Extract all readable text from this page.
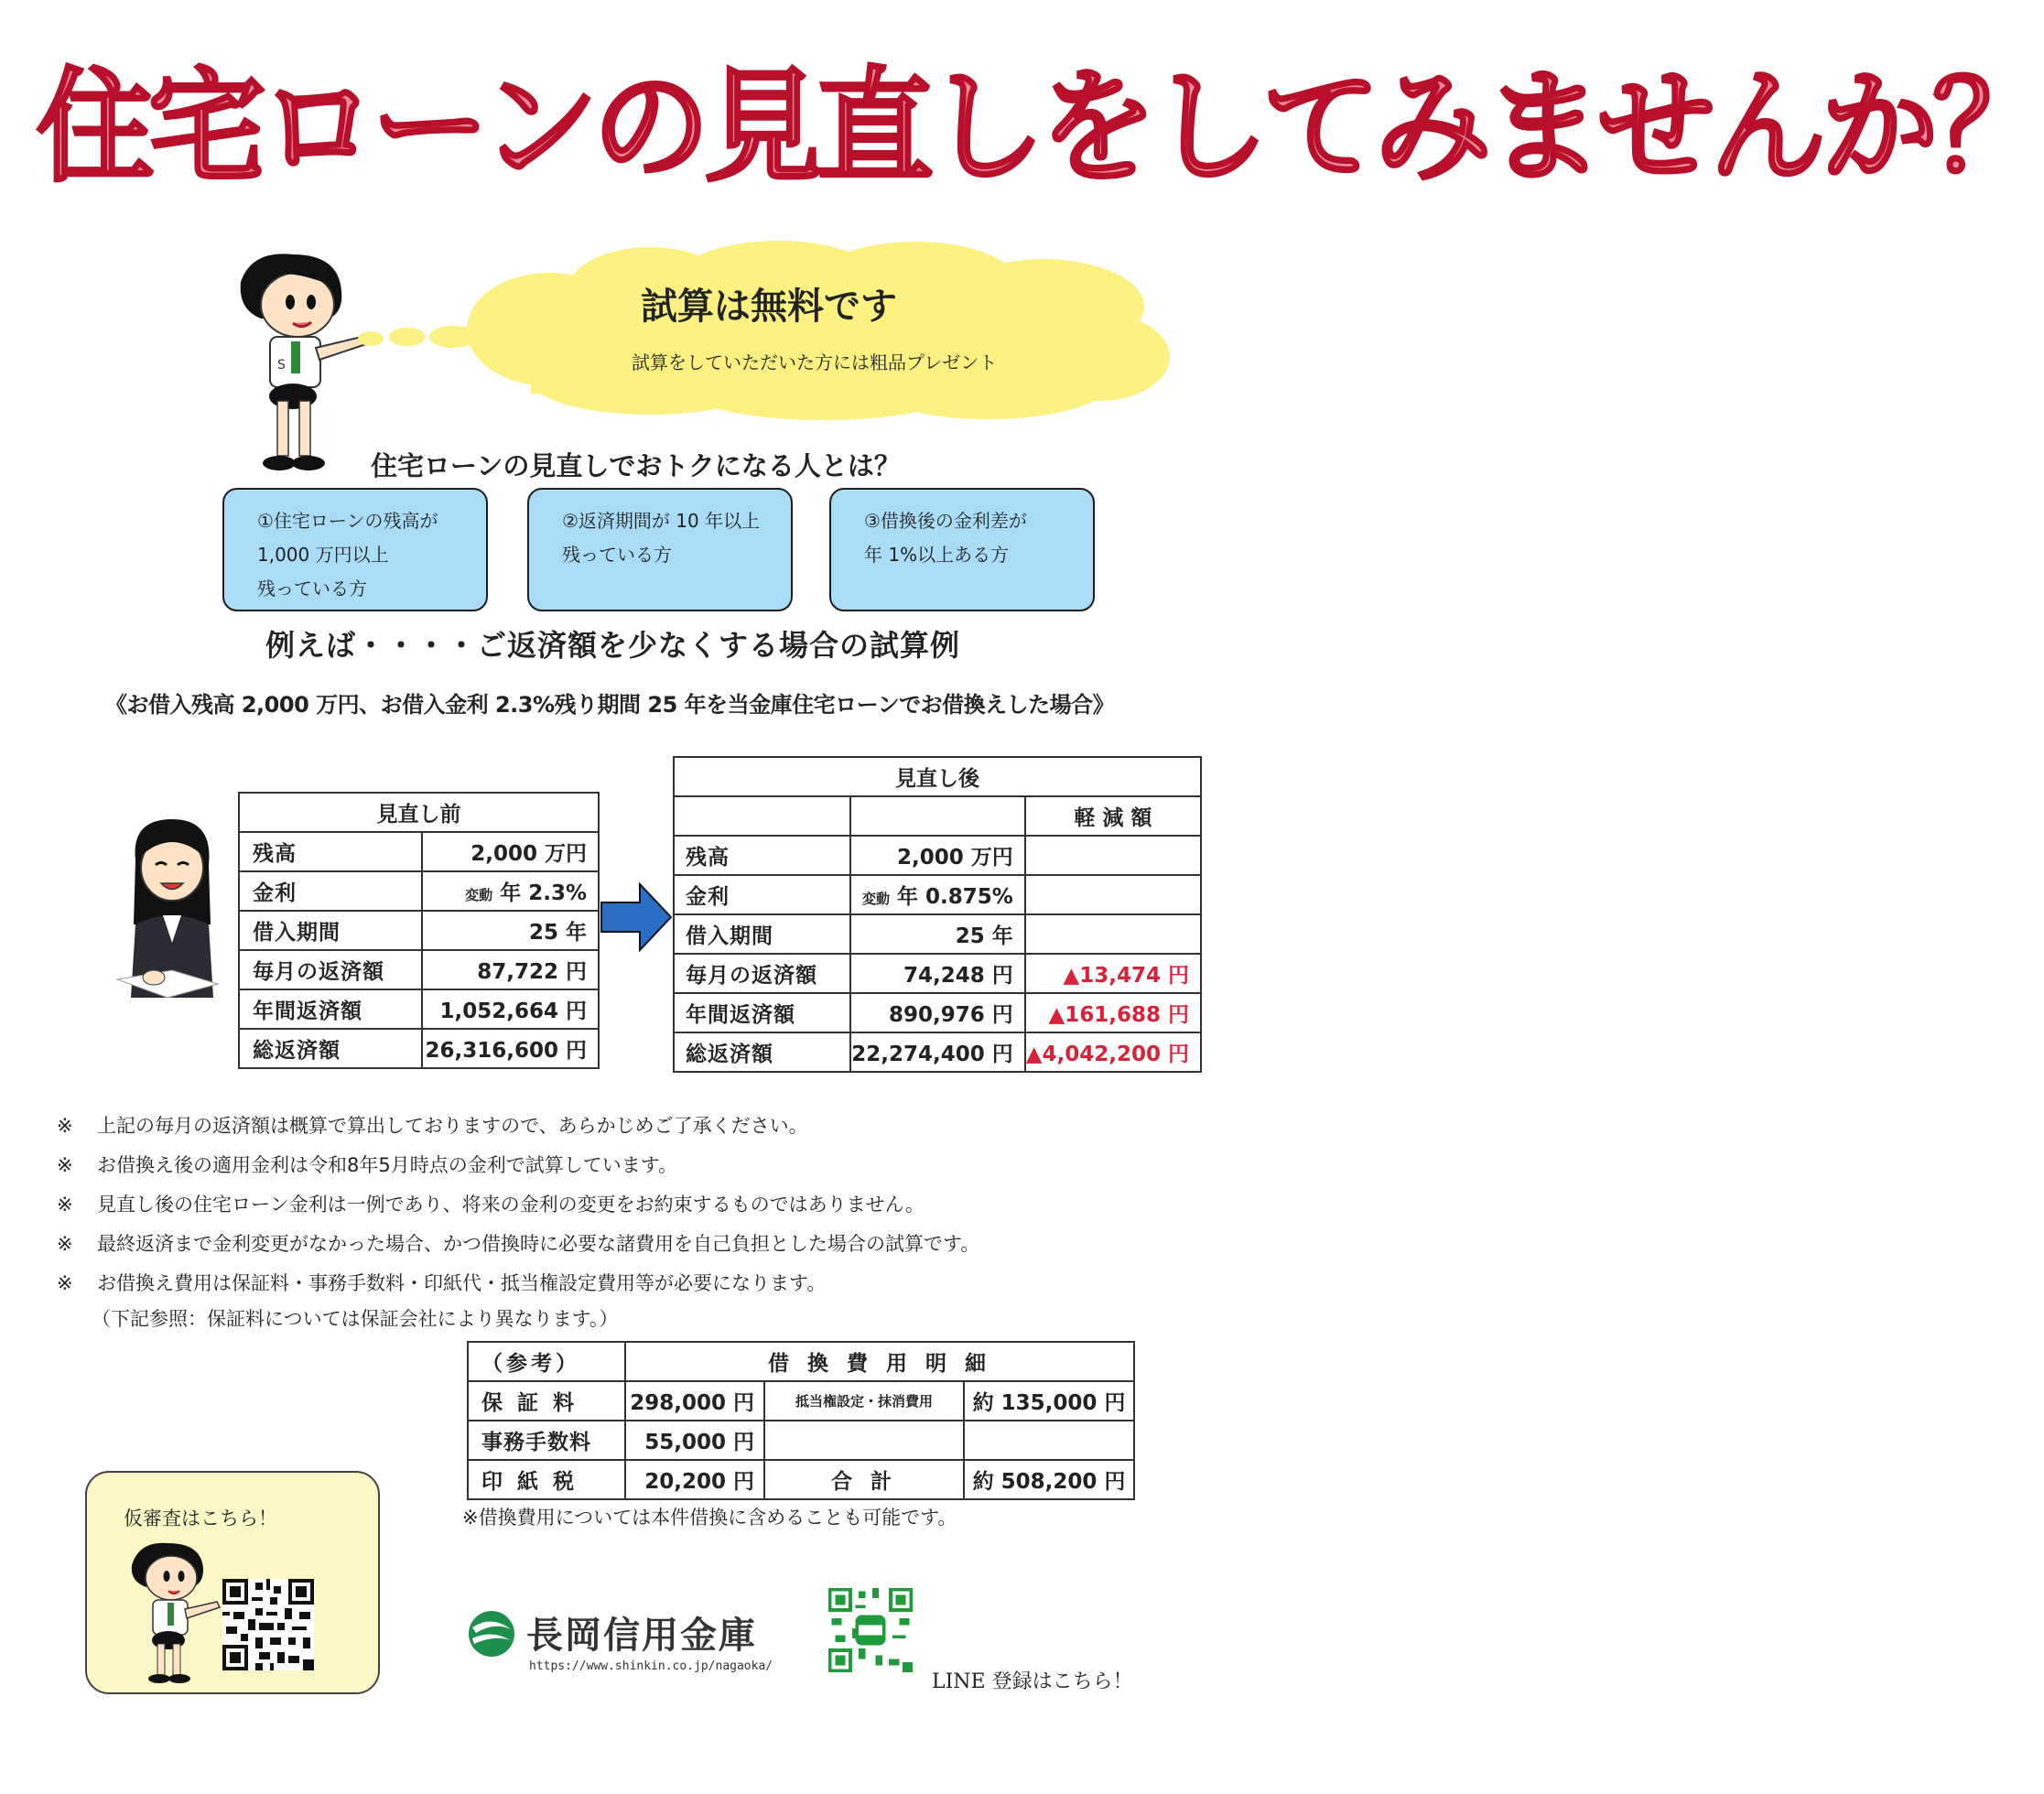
住宅ローンの見直しをしてみませんか？
S
試算は無料です
試算をしていただいた方には粗品プレゼント
住宅ローンの見直しでおトクになる人とは？
①住宅ローンの残高が
1,000 万円以上
残っている方
②返済期間が 10 年以上
残っている方
③借換後の金利差が
年 1%以上ある方
例えば・・・・ご返済額を少なくする場合の試算例
《お借入残高 2,000 万円、お借入金利 2.3%残り期間 25 年を当金庫住宅ローンでお借換えした場合》
見直し前	
残高	2,000 万円
金利	変動 年 2.3%
借入期間	25 年
毎月の返済額	87,722 円
年間返済額	1,052,664 円
総返済額	26,316,600 円
見直し後		
		軽 減 額
残高	2,000 万円	
金利	変動 年 0.875%	
借入期間	25 年	
毎月の返済額	74,248 円	▲13,474 円
年間返済額	890,976 円	▲161,688 円
総返済額	22,274,400 円	▲4,042,200 円
※ 上記の毎月の返済額は概算で算出しておりますので、あらかじめご了承ください。
※ お借換え後の適用金利は令和8年5月時点の金利で試算しています。
※ 見直し後の住宅ローン金利は一例であり、将来の金利の変更をお約束するものではありません。
※ 最終返済まで金利変更がなかった場合、かつ借換時に必要な諸費用を自己負担とした場合の試算です。
※ お借換え費用は保証料・事務手数料・印紙代・抵当権設定費用等が必要になります。
（下記参照：保証料については保証会社により異なります。）
（参考）	借 換 費 用 明 細		
保 証 料	298,000 円	抵当権設定・抹消費用	約 135,000 円
事務手数料	55,000 円		
印 紙 税	20,200 円	合 計	約 508,200 円
※借換費用については本件借換に含めることも可能です。
仮審査はこちら！
長岡信用金庫
https://www.shinkin.co.jp/nagaoka/
LINE 登録はこちら！
